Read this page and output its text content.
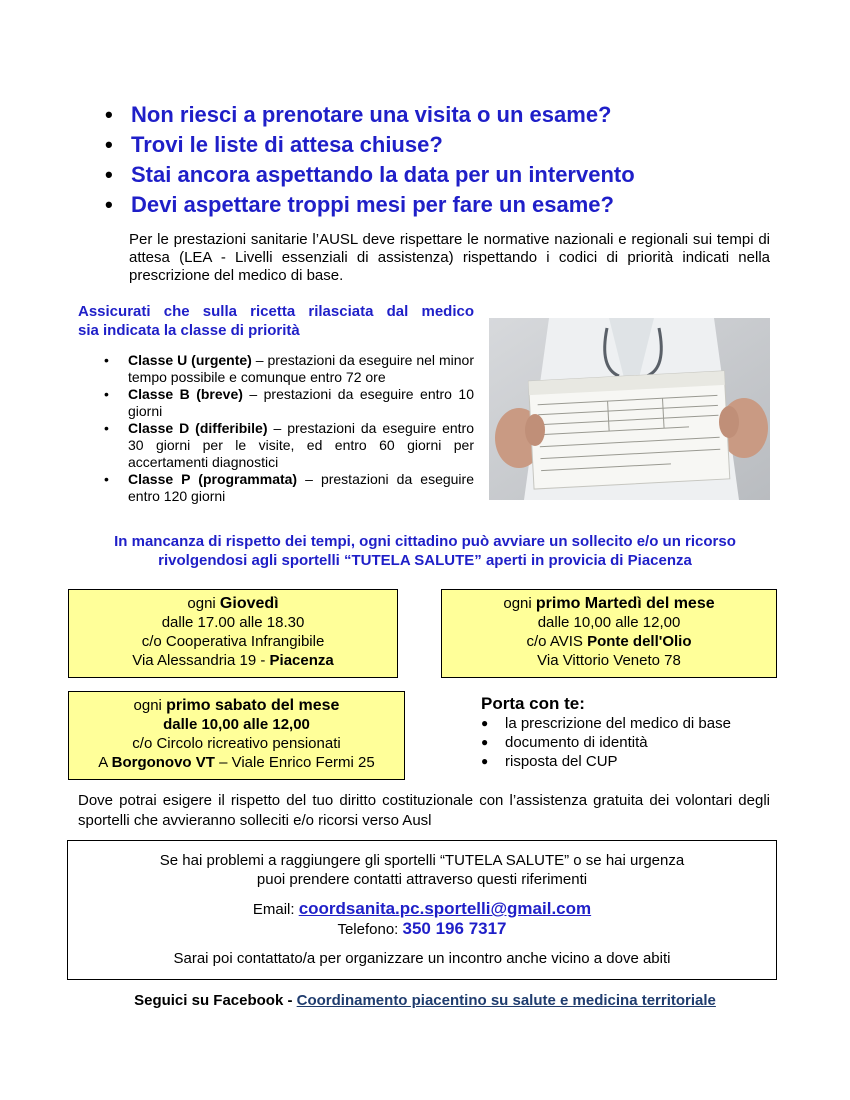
• Non riesci a prenotare una visita o un esame?
• Trovi le liste di attesa chiuse?
• Stai ancora aspettando la data per un intervento
• Devi aspettare troppi mesi per fare un esame?
Per le prestazioni sanitarie l’AUSL deve rispettare le normative nazionali e regionali sui tempi di attesa (LEA - Livelli essenziali di assistenza) rispettando i codici di priorità indicati nella prescrizione del medico di base.
Assicurati che sulla ricetta rilasciata dal medico
sia indicata la classe di priorità
• Classe U (urgente) – prestazioni da eseguire nel minor tempo possibile e comunque entro 72 ore
• Classe B (breve) – prestazioni da eseguire entro 10 giorni
• Classe D (differibile) – prestazioni da eseguire entro 30 giorni per le visite, ed entro 60 giorni per accertamenti diagnostici
• Classe P (programmata) – prestazioni da eseguire entro 120 giorni
In mancanza di rispetto dei tempi, ogni cittadino può avviare un sollecito e/o un ricorso
rivolgendosi agli sportelli “TUTELA SALUTE” aperti in provicia di Piacenza
ogni Giovedì
dalle 17.00 alle 18.30
c/o Cooperativa Infrangibile
Via Alessandria 19 - Piacenza
ogni primo Martedì del mese
dalle 10,00 alle 12,00
c/o AVIS Ponte dell'Olio
Via Vittorio Veneto 78
ogni primo sabato del mese
dalle 10,00 alle 12,00
c/o Circolo ricreativo pensionati
A Borgonovo VT – Viale Enrico Fermi 25
Porta con te:
● la prescrizione del medico di base
● documento di identità
● risposta del CUP
Dove potrai esigere il rispetto del tuo diritto costituzionale con l’assistenza gratuita dei volontari degli sportelli che avvieranno solleciti e/o ricorsi verso Ausl
Se hai problemi a raggiungere gli sportelli “TUTELA SALUTE” o se hai urgenza
puoi prendere contatti attraverso questi riferimenti
Email: coordsanita.pc.sportelli@gmail.com
Telefono: 350 196 7317
Sarai poi contattato/a per organizzare un incontro anche vicino a dove abiti
Seguici su Facebook - Coordinamento piacentino su salute e medicina territoriale
